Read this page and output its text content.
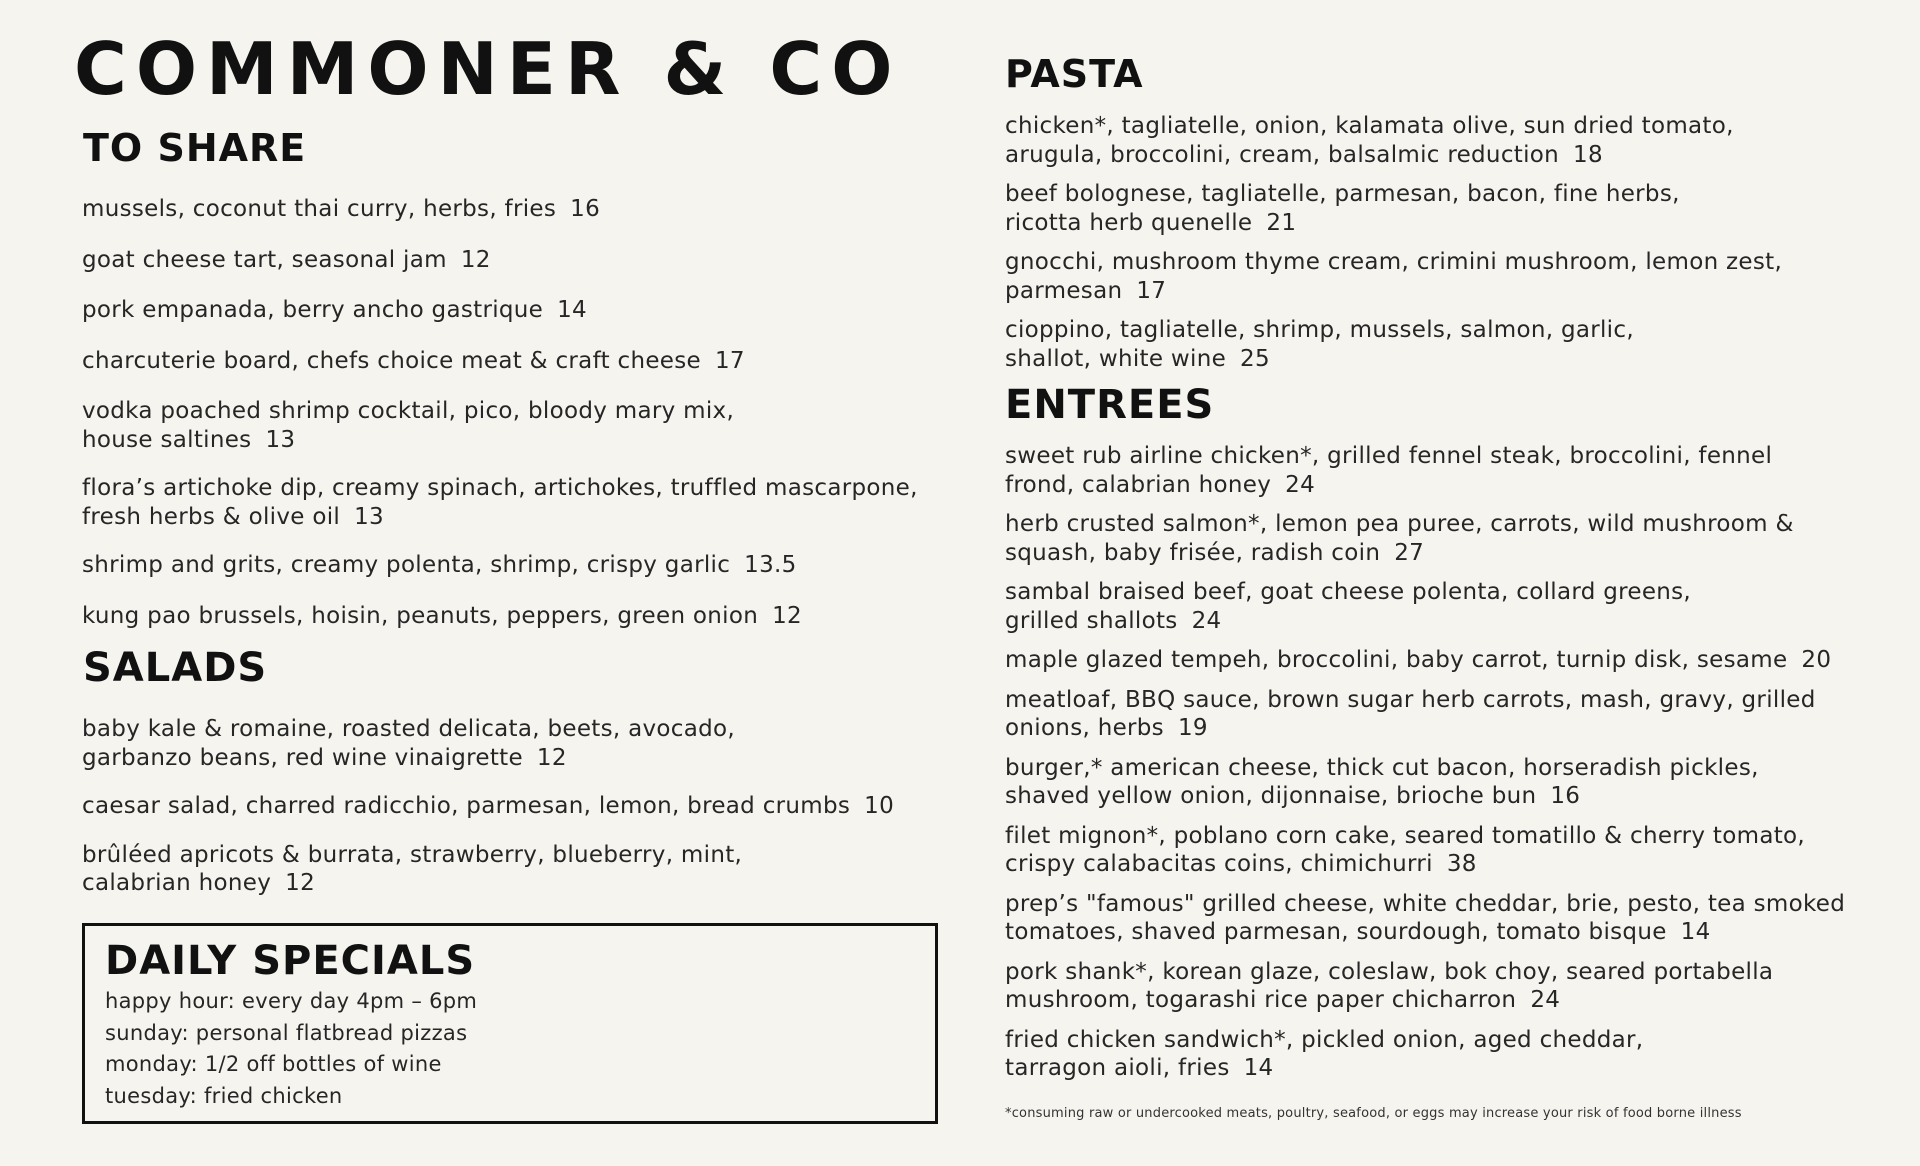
COMMONER & CO
TO SHARE

mussels, coconut thai curry, herbs, fries 16

goat cheese tart, seasonal jam 12

pork empanada, berry ancho gastrique 14

charcuterie board, chefs choice meat & craft cheese 17

vodka poached shrimp cocktail, pico, bloody mary mix,
house saltines 13

flora’s artichoke dip, creamy spinach, artichokes, truffled mascarpone,
fresh herbs & olive oil 13

shrimp and grits, creamy polenta, shrimp, crispy garlic 13.5

kung pao brussels, hoisin, peanuts, peppers, green onion 12

SALADS

baby kale & romaine, roasted delicata, beets, avocado,
garbanzo beans, red wine vinaigrette 12

caesar salad, charred radicchio, parmesan, lemon, bread crumbs 10

brûléed apricots & burrata, strawberry, blueberry, mint,
calabrian honey 12

DAILY SPECIALS
happy hour: every day 4pm – 6pm
sunday: personal flatbread pizzas
monday: 1/2 off bottles of wine
tuesday: fried chicken
PASTA

chicken*, tagliatelle, onion, kalamata olive, sun dried tomato,
arugula, broccolini, cream, balsalmic reduction 18

beef bolognese, tagliatelle, parmesan, bacon, fine herbs,
ricotta herb quenelle 21

gnocchi, mushroom thyme cream, crimini mushroom, lemon zest,
parmesan 17

cioppino, tagliatelle, shrimp, mussels, salmon, garlic,
shallot, white wine 25

ENTREES

sweet rub airline chicken*, grilled fennel steak, broccolini, fennel
frond, calabrian honey 24

herb crusted salmon*, lemon pea puree, carrots, wild mushroom &
squash, baby frisée, radish coin 27

sambal braised beef, goat cheese polenta, collard greens,
grilled shallots 24

maple glazed tempeh, broccolini, baby carrot, turnip disk, sesame 20

meatloaf, BBQ sauce, brown sugar herb carrots, mash, gravy, grilled
onions, herbs 19

burger,* american cheese, thick cut bacon, horseradish pickles,
shaved yellow onion, dijonnaise, brioche bun 16

filet mignon*, poblano corn cake, seared tomatillo & cherry tomato,
crispy calabacitas coins, chimichurri 38

prep’s "famous" grilled cheese, white cheddar, brie, pesto, tea smoked
tomatoes, shaved parmesan, sourdough, tomato bisque 14

pork shank*, korean glaze, coleslaw, bok choy, seared portabella
mushroom, togarashi rice paper chicharron 24

fried chicken sandwich*, pickled onion, aged cheddar,
tarragon aioli, fries 14

*consuming raw or undercooked meats, poultry, seafood, or eggs may increase your risk of food borne illness
